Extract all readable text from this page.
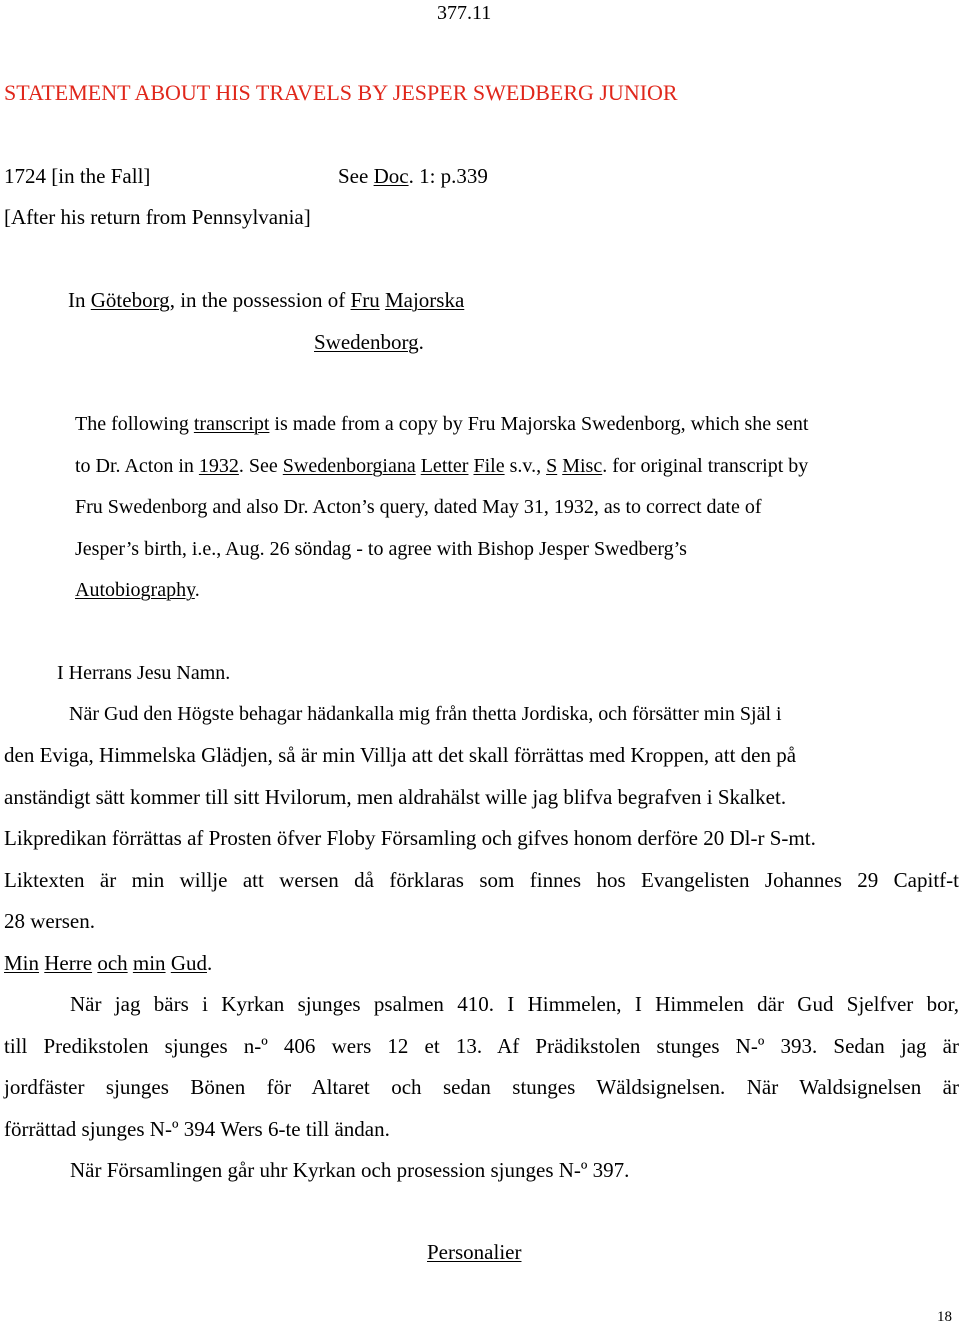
377.11
STATEMENT ABOUT HIS TRAVELS BY JESPER SWEDBERG JUNIOR
1724 [in the Fall]	See Doc. 1: p.339
[After his return from Pennsylvania]
In Göteborg, in the possession of Fru Majorska
Swedenborg.
The following transcript is made from a copy by Fru Majorska Swedenborg, which she sent
to Dr. Acton in 1932. See Swedenborgiana Letter File s.v., S Misc. for original transcript by
Fru Swedenborg and also Dr. Acton’s query, dated May 31, 1932, as to correct date of
Jesper’s birth, i.e., Aug. 26 söndag - to agree with Bishop Jesper Swedberg’s
Autobiography.
I Herrans Jesu Namn.
När Gud den Högste behagar hädankalla mig från thetta Jordiska, och försätter min Själ i
den Eviga, Himmelska Glädjen, så är min Villja att det skall förrättas med Kroppen, att den på
anständigt sätt kommer till sitt Hvilorum, men aldrahälst wille jag blifva begrafven i Skalket.
Likpredikan förrättas af Prosten öfver Floby Församling och gifves honom derföre 20 Dl-r S-mt.
Liktexten är min willje att wersen då förklaras som finnes hos Evangelisten Johannes 29 Capitf-t
28 wersen.
Min Herre och min Gud.
När jag bärs i Kyrkan sjunges psalmen 410. I Himmelen, I Himmelen där Gud Sjelfver bor,
till Predikstolen sjunges n-º 406 wers 12 et 13. Af Prädikstolen stunges N-º 393. Sedan jag är
jordfäster sjunges Bönen för Altaret och sedan stunges Wäldsignelsen. När Waldsignelsen är
förrättad sjunges N-º 394 Wers 6-te till ändan.
När Församlingen går uhr Kyrkan och prosession sjunges N-º 397.
Personalier
18
